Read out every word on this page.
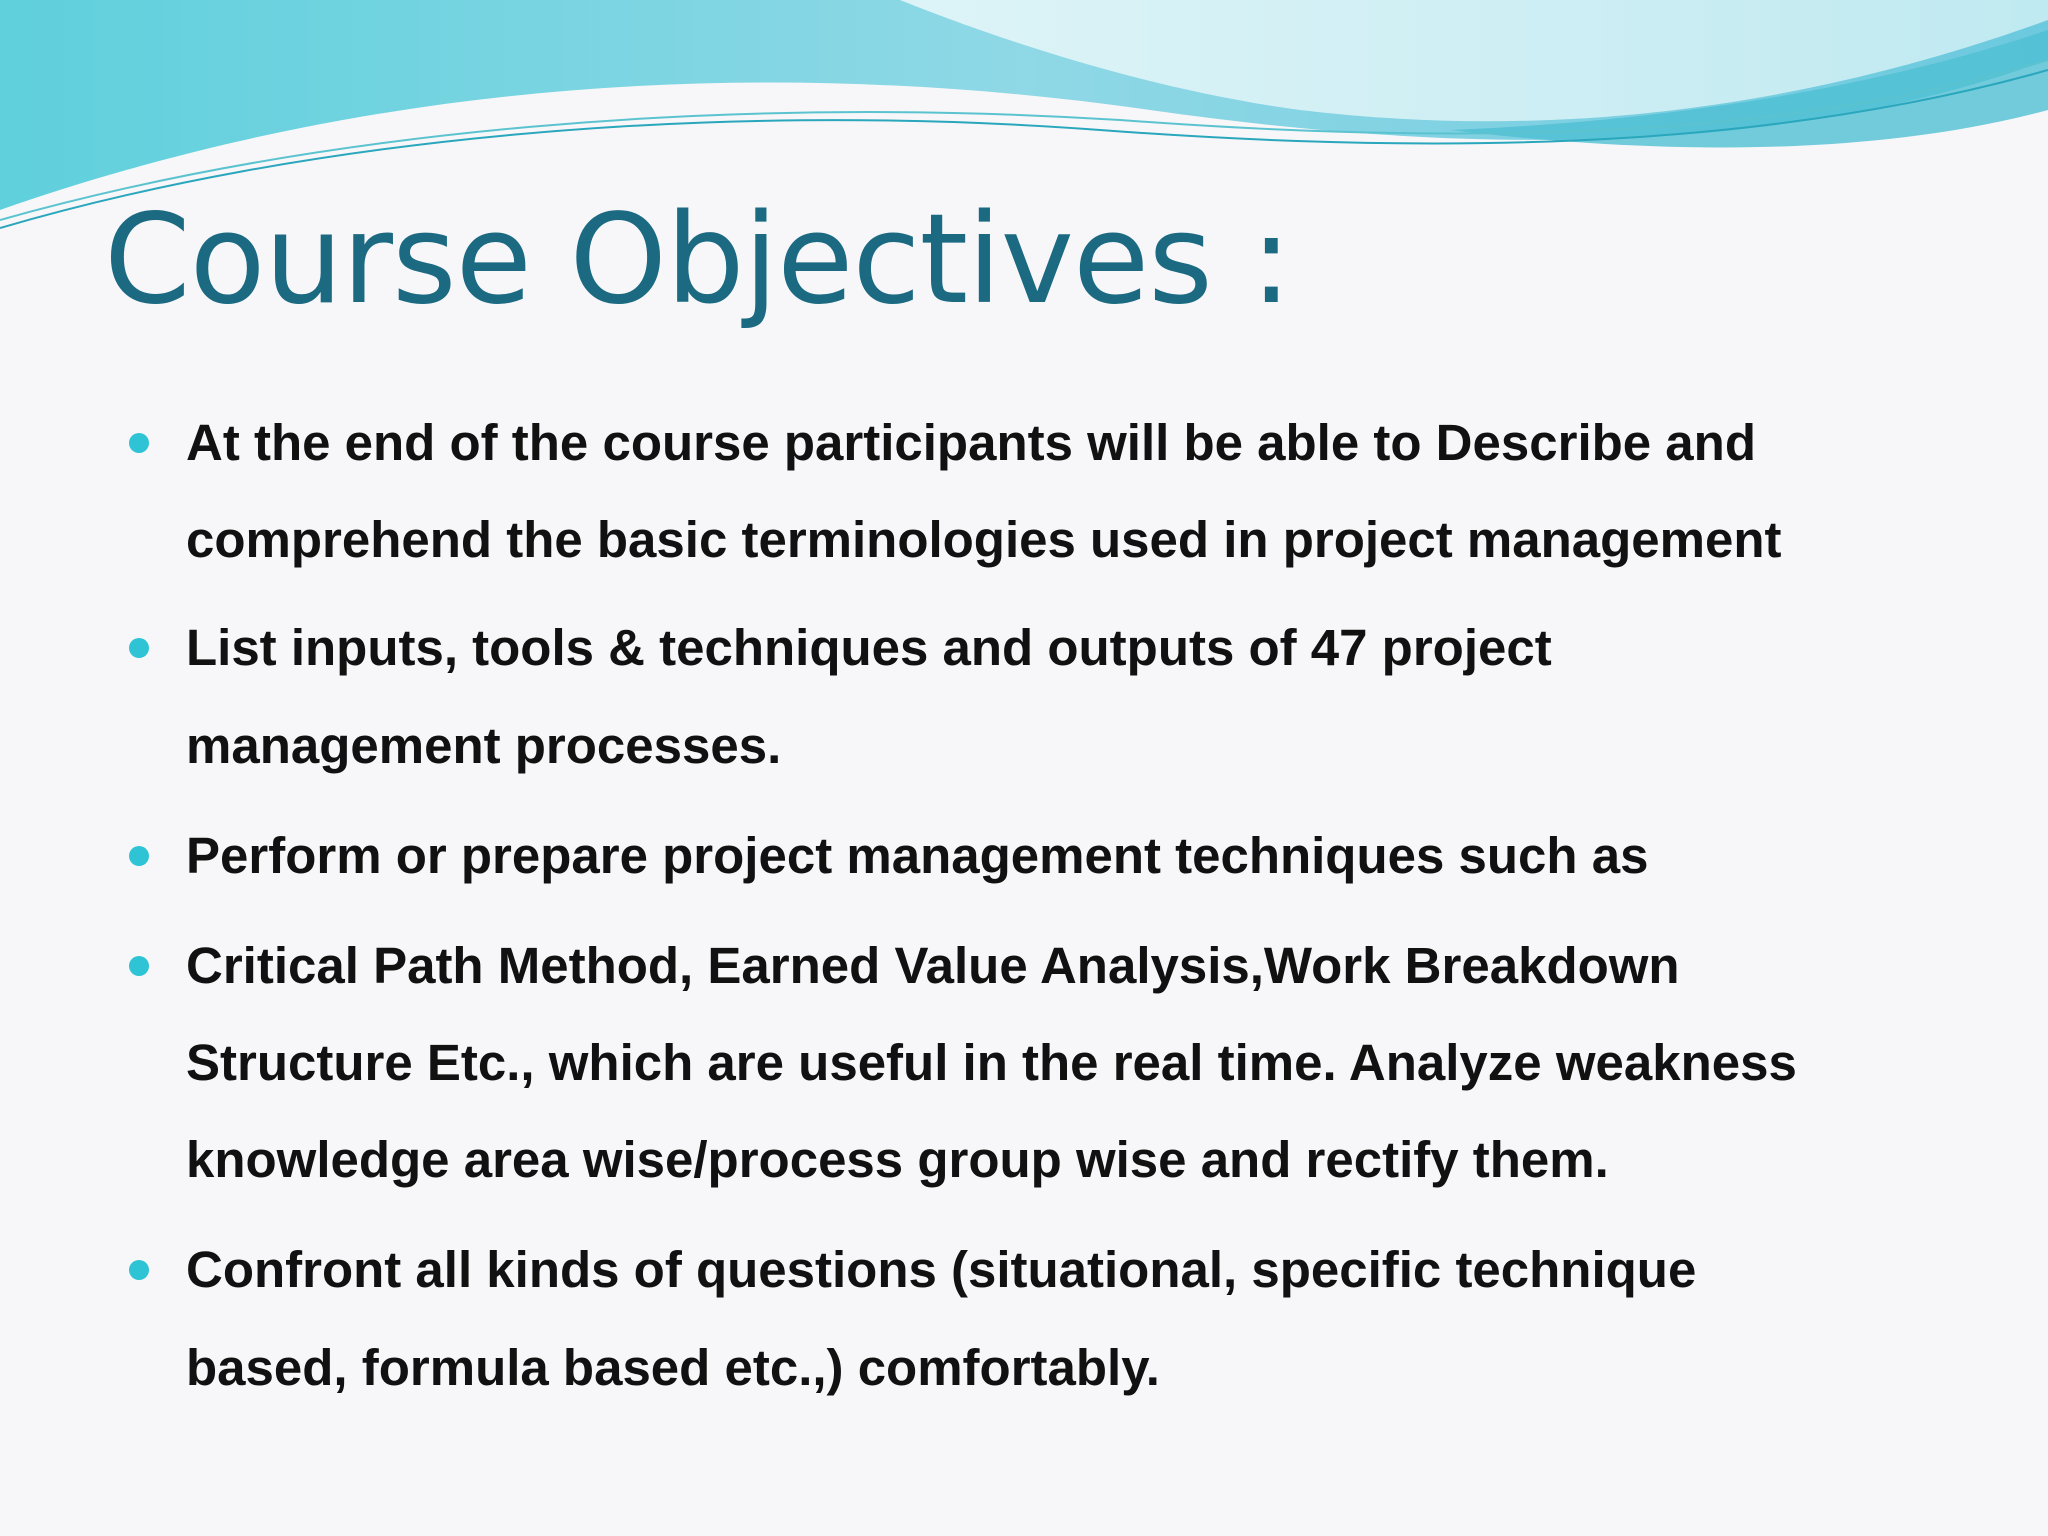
Course Objectives :

At the end of the course participants will be able to Describe and

comprehend the basic terminologies used in project management

List inputs, tools & techniques and outputs of 47 project

management processes.

Perform or prepare project management techniques such as

Critical Path Method, Earned Value Analysis,Work Breakdown

Structure Etc., which are useful in the real time. Analyze weakness

knowledge area wise/process group wise and rectify them.

Confront all kinds of questions (situational, specific technique

based, formula based etc.,) comfortably.
